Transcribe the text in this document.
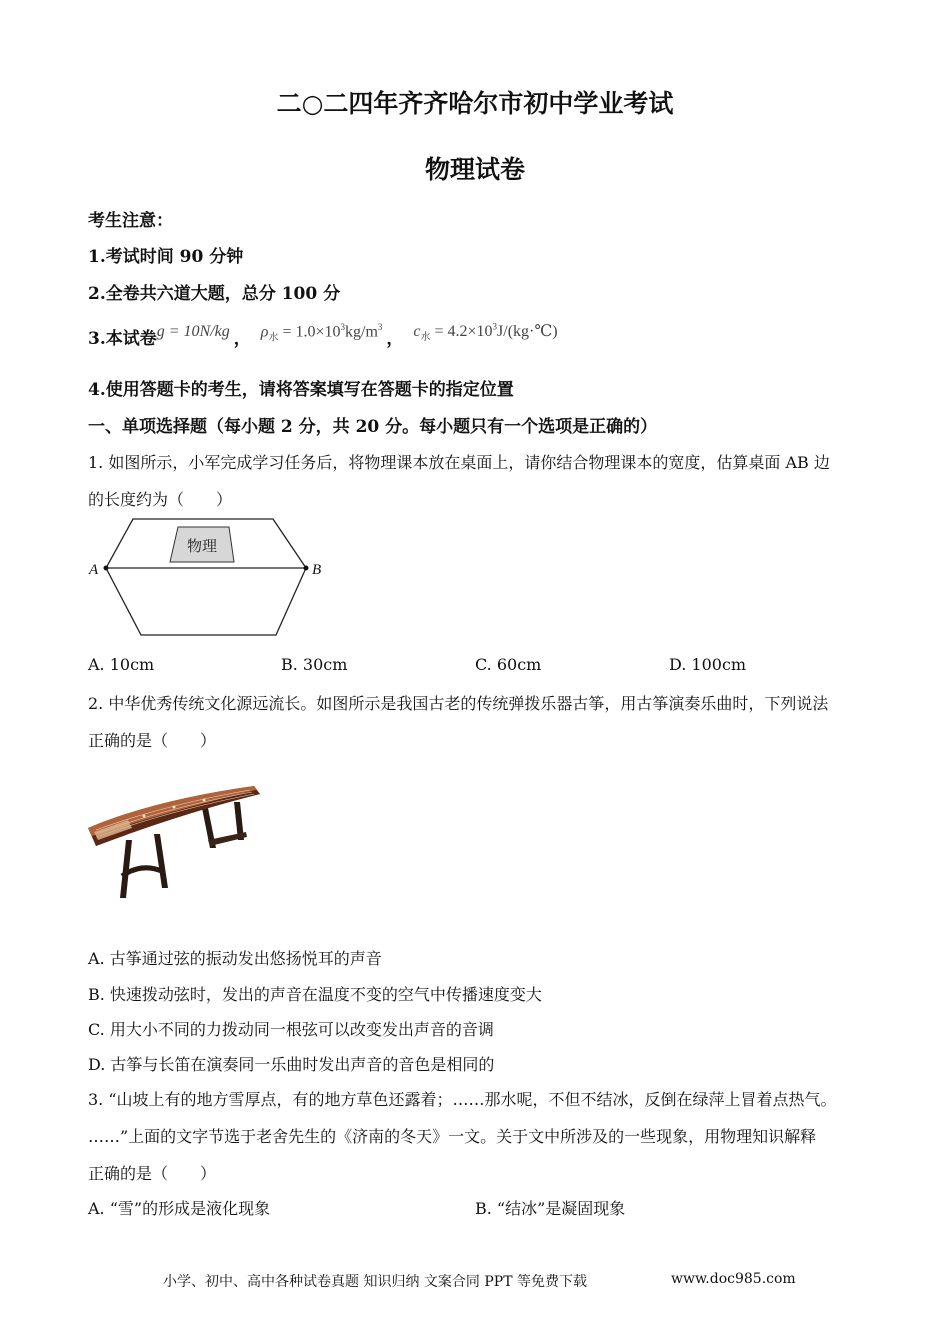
二○二四年齐齐哈尔市初中学业考试
物理试卷
考生注意：
1.考试时间 90 分钟
2.全卷共六道大题，总分 100 分
3.本试卷 g = 10N/kg ， $\rho_水 = 1.0\times 10^3kg/m^3$
， $c_水$ = $4.2\times 10^3J/(kg\cdot℃)$
4.使用答题卡的考生，请将答案填写在答题卡的指定位置
一、单项选择题（每小题 2 分，共 20 分。每小题只有一个选项是正确的）
1. 如图所示，小军完成学习任务后，将物理课本放在桌面上，请你结合物理课本的宽度，估算桌面 AB 边
的长度约为（　　）
物理
A	B
A. 10cm	B. 30cm	C. 60cm	D. 100cm
2. 中华优秀传统文化源远流长。如图所示是我国古老的传统弹拨乐器古筝，用古筝演奏乐曲时，下列说法
正确的是（　　）
A. 古筝通过弦的振动发出悠扬悦耳的声音
B. 快速拨动弦时，发出的声音在温度不变的空气中传播速度变大
C. 用大小不同的力拨动同一根弦可以改变发出声音的音调
D. 古筝与长笛在演奏同一乐曲时发出声音的音色是相同的
3. “山坡上有的地方雪厚点，有的地方草色还露着；……那水呢，不但不结冰，反倒在绿萍上冒着点热气。
……”上面的文字节选于老舍先生的《济南的冬天》一文。关于文中所涉及的一些现象，用物理知识解释
正确的是（　　）
A. “雪”的形成是液化现象	B. “结冰”是凝固现象
小学、初中、高中各种试卷真题 知识归纳 文案合同 PPT 等免费下载	www.doc985.com
